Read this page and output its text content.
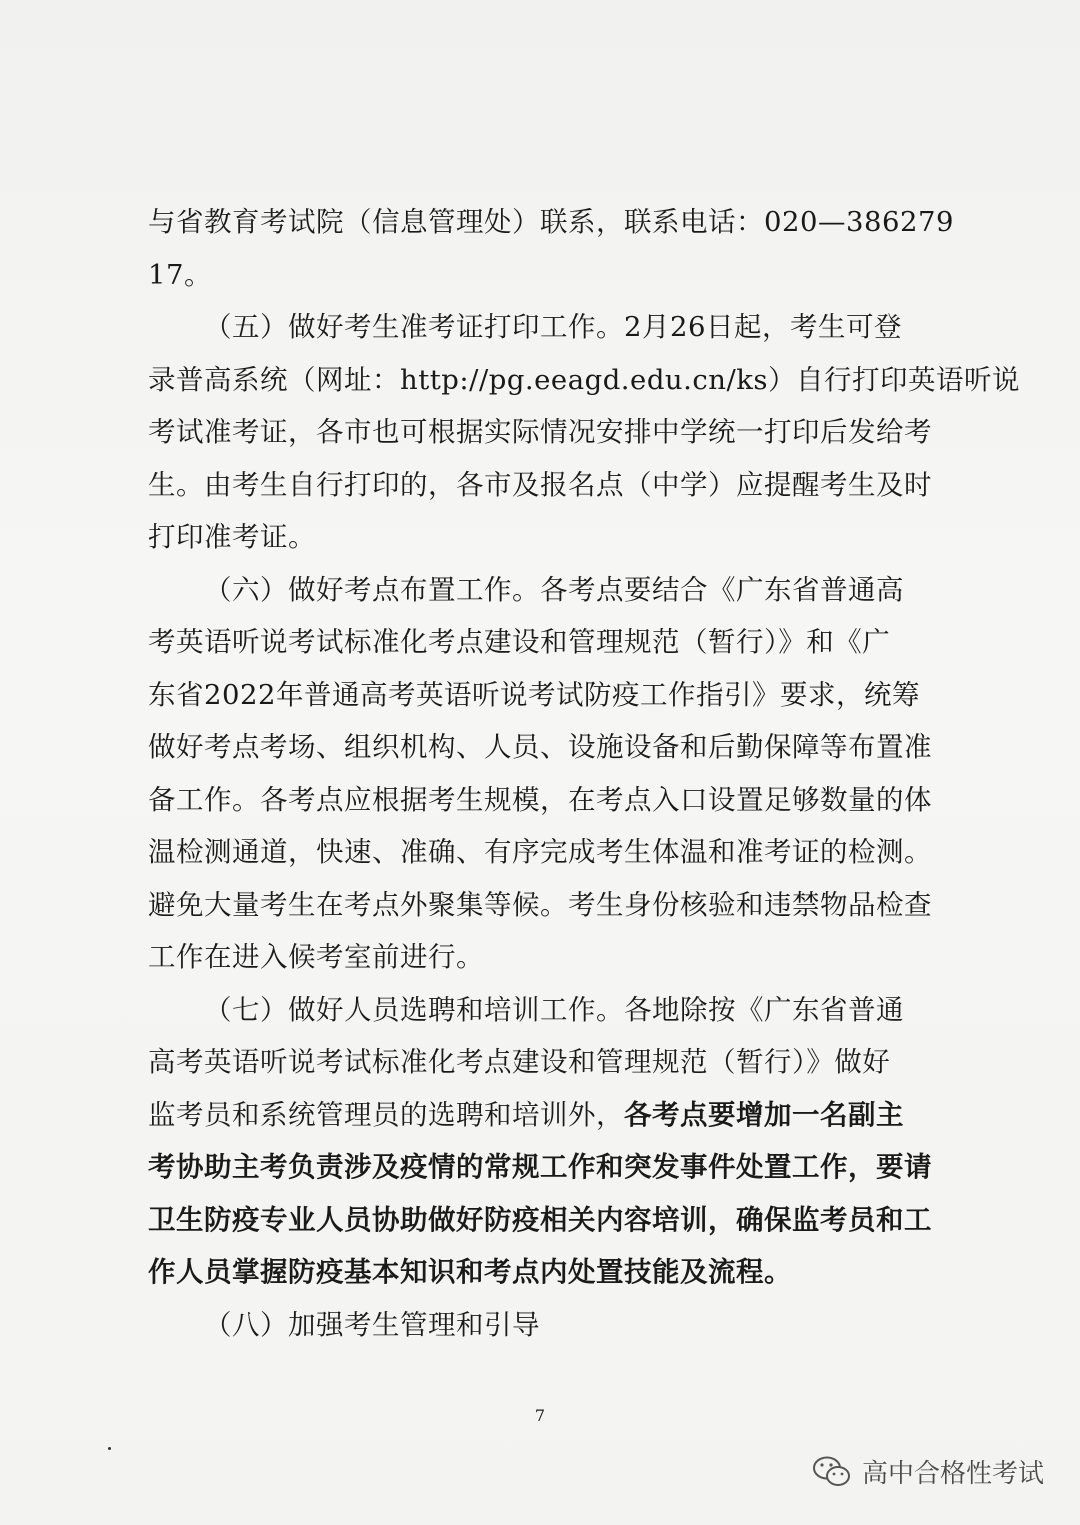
与省教育考试院（信息管理处）联系，联系电话：020—386279
17。
（五）做好考生准考证打印工作。2月26日起，考生可登
录普高系统（网址：http://pg.eeagd.edu.cn/ks）自行打印英语听说
考试准考证，各市也可根据实际情况安排中学统一打印后发给考
生。由考生自行打印的，各市及报名点（中学）应提醒考生及时
打印准考证。
（六）做好考点布置工作。各考点要结合《广东省普通高
考英语听说考试标准化考点建设和管理规范（暂行）》和《广
东省2022年普通高考英语听说考试防疫工作指引》要求，统筹
做好考点考场、组织机构、人员、设施设备和后勤保障等布置准
备工作。各考点应根据考生规模，在考点入口设置足够数量的体
温检测通道，快速、准确、有序完成考生体温和准考证的检测。
避免大量考生在考点外聚集等候。考生身份核验和违禁物品检查
工作在进入候考室前进行。
（七）做好人员选聘和培训工作。各地除按《广东省普通
高考英语听说考试标准化考点建设和管理规范（暂行）》做好
监考员和系统管理员的选聘和培训外，各考点要增加一名副主
考协助主考负责涉及疫情的常规工作和突发事件处置工作，要请
卫生防疫专业人员协助做好防疫相关内容培训，确保监考员和工
作人员掌握防疫基本知识和考点内处置技能及流程。
（八）加强考生管理和引导
7
高中合格性考试
